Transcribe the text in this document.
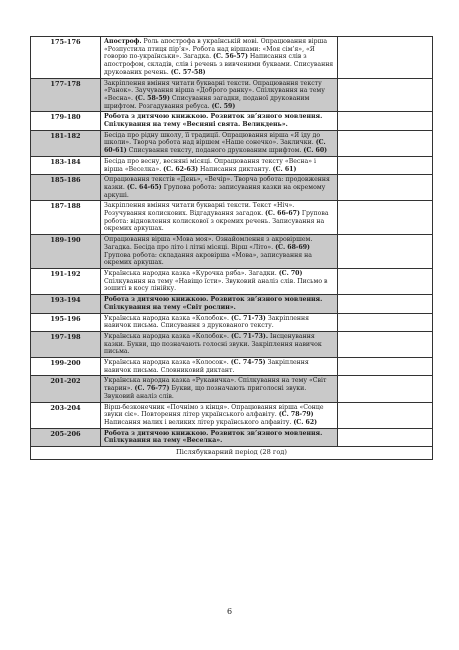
175-176	Апостроф. Роль апострофа в українській мові. Опрацювання вірша «Розпустила птиця пір’я». Робота над віршами: «Моя сім’я», «Я говорю по-українськи». Загадка. (С. 56-57) Написання слів з апострофом, складів, слів і речень з вивченими буквами. Списування друкованих речень. (С. 57-58)	
177-178	Закріплення вміння читати букварні тексти. Опрацювання тексту «Ранок». Заучування вірша «Доброго ранку». Спілкування на тему «Весна». (С. 58-59) Списування загадки, поданої друкованим шрифтом. Розгадування ребуса. (С. 59)	
179-180	Робота з дитячою книжкою. Розвиток зв’язного мовлення. Спілкування на тему «Весняні свята. Великдень».	
181-182	Бесіда про рідну школу, її традиції. Опрацювання вірша «Я іду до школи». Творча робота над віршем «Наше сонечко». Заклички. (С. 60-61) Списування тексту, поданого друкованим шрифтом. (С. 60)	
183-184	Бесіда про весну, весняні місяці. Опрацювання тексту «Весна» і вірша «Веселка». (С. 62-63) Написання диктанту. (С. 61)	
185-186	Опрацювання текстів «День», «Вечір». Творча робота: продовження казки. (С. 64-65) Групова робота: записування казки на окремому аркуші.	
187-188	Закріплення вміння читати букварні тексти. Текст «Ніч». Розучування колискових. Відгадування загадок. (С. 66-67) Групова робота: відновлення колискової з окремих речень. Записування на окремих аркушах.	
189-190	Опрацювання вірша «Мова моя». Ознайомлення з акровіршем. Загадка. Бесіда про літо і літні місяці. Вірш «Літо». (С. 68-69) Групова робота: складання акровірша «Мова», записування на окремих аркушах.	
191-192	Українська народна казка «Курочка ряба». Загадки. (С. 70) Спілкування на тему «Навіщо їсти». Звуковий аналіз слів. Письмо в зошиті в косу лінійку.	
193-194	Робота з дитячою книжкою. Розвиток зв’язного мовлення. Спілкування на тему «Світ рослин».	
195-196	Українська народна казка «Колобок». (С. 71-73) Закріплення навичок письма. Списування з друкованого тексту.	
197-198	Українська народна казка «Колобок». (С. 71-73). Інсценування казки. Букви, що позначають голосні звуки. Закріплення навичок письма.	
199-200	Українська народна казка «Колосок». (С. 74-75) Закріплення навичок письма. Словниковий диктант.	
201-202	Українська народна казка «Рукавичка». Спілкування на тему «Світ тварин». (С. 76-77) Букви, що позначають приголосні звуки. Звуковий аналіз слів.	
203-204	Вірш-безконечник «Почнімо з кінця». Опрацювання вірша «Сонце звуки сіє». Повторення літер українського алфавіту. (С. 78-79) Написання малих і великих літер українського алфавіту. (С. 62)	
205-206	Робота з дитячою книжкою. Розвиток зв’язного мовлення. Спілкування на тему «Веселка».	
Післябукварний період (28 год)		
6
